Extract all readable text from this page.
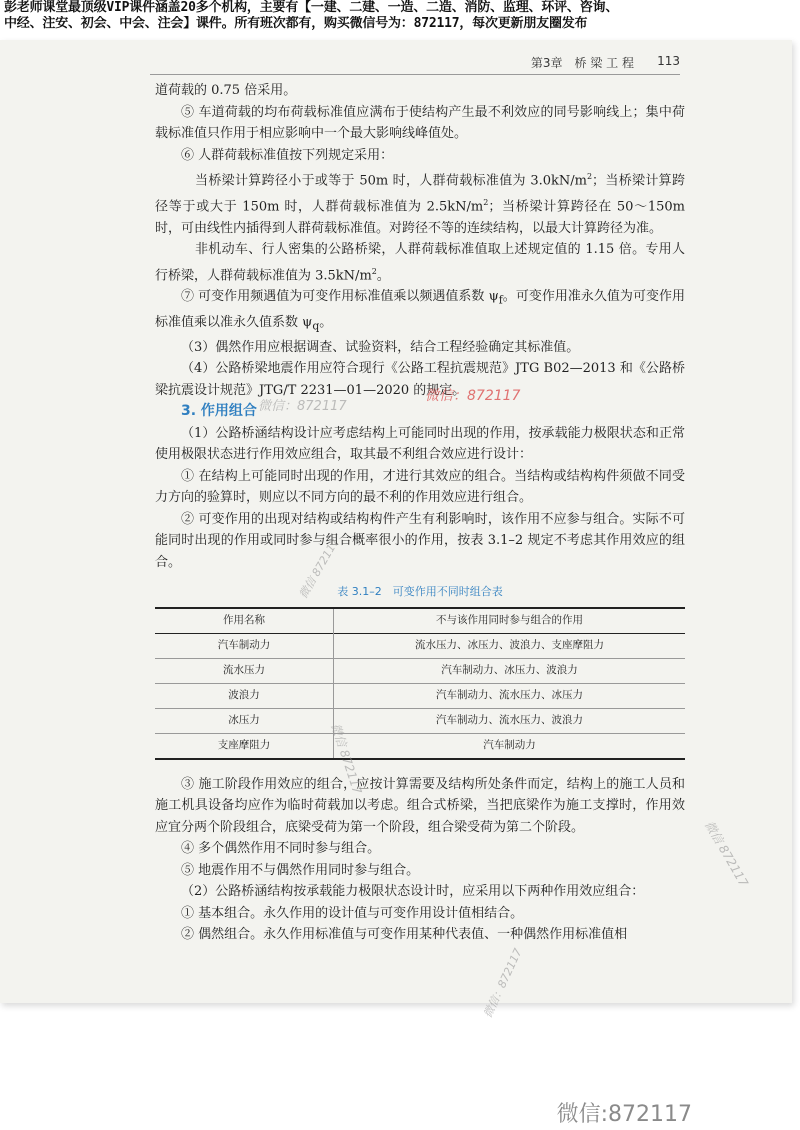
彭老师课堂最顶级VIP课件涵盖20多个机构，主要有【一建、二建、一造、二造、消防、监理、环评、咨询、
中经、注安、初会、中会、注会】课件。所有班次都有，购买微信号为：872117，每次更新朋友圈发布
第3章　桥 梁 工 程 113

道荷载的 0.75 倍采用。

⑤ 车道荷载的均布荷载标准值应满布于使结构产生最不利效应的同号影响线上；集中荷载标准值只作用于相应影响中一个最大影响线峰值处。

⑥ 人群荷载标准值按下列规定采用：

当桥梁计算跨径小于或等于 50m 时，人群荷载标准值为 $3.0kN/m^2$；当桥梁计算跨径等于或大于 150m 时，人群荷载标准值为 $2.5kN/m^2$；当桥梁计算跨径在 50～150m 时，可由线性内插得到人群荷载标准值。对跨径不等的连续结构，以最大计算跨径为准。

非机动车、行人密集的公路桥梁，人群荷载标准值取上述规定值的 1.15 倍。专用人行桥梁，人群荷载标准值为 $3.5kN/m^2$。

⑦ 可变作用频遇值为可变作用标准值乘以频遇值系数 $\psi_f$。可变作用准永久值为可变作用标准值乘以准永久值系数 $\psi_q$。

（3）偶然作用应根据调查、试验资料，结合工程经验确定其标准值。

（4）公路桥梁地震作用应符合现行《公路工程抗震规范》JTG B02—2013 和《公路桥梁抗震设计规范》JTG/T 2231—01—2020 的规定。

3. 作用组合

（1）公路桥涵结构设计应考虑结构上可能同时出现的作用，按承载能力极限状态和正常使用极限状态进行作用效应组合，取其最不利组合效应进行设计：

① 在结构上可能同时出现的作用，才进行其效应的组合。当结构或结构构件须做不同受力方向的验算时，则应以不同方向的最不利的作用效应进行组合。

② 可变作用的出现对结构或结构构件产生有利影响时，该作用不应参与组合。实际不可能同时出现的作用或同时参与组合概率很小的作用，按表 3.1–2 规定不考虑其作用效应的组合。

表 3.1–2　可变作用不同时组合表
作用名称	不与该作用同时参与组合的作用
汽车制动力	流水压力、冰压力、波浪力、支座摩阻力
流水压力	汽车制动力、冰压力、波浪力
波浪力	汽车制动力、流水压力、冰压力
冰压力	汽车制动力、流水压力、波浪力
支座摩阻力	汽车制动力

③ 施工阶段作用效应的组合，应按计算需要及结构所处条件而定，结构上的施工人员和施工机具设备均应作为临时荷载加以考虑。组合式桥梁，当把底梁作为施工支撑时，作用效应宜分两个阶段组合，底梁受荷为第一个阶段，组合梁受荷为第二个阶段。

④ 多个偶然作用不同时参与组合。

⑤ 地震作用不与偶然作用同时参与组合。

（2）公路桥涵结构按承载能力极限状态设计时，应采用以下两种作用效应组合：

① 基本组合。永久作用的设计值与可变作用设计值相结合。

② 偶然组合。永久作用标准值与可变作用某种代表值、一种偶然作用标准值相

微信：872117
微信：872117
微信 872117
微信 872117
微信：872117
微信 872117
微信:872117
